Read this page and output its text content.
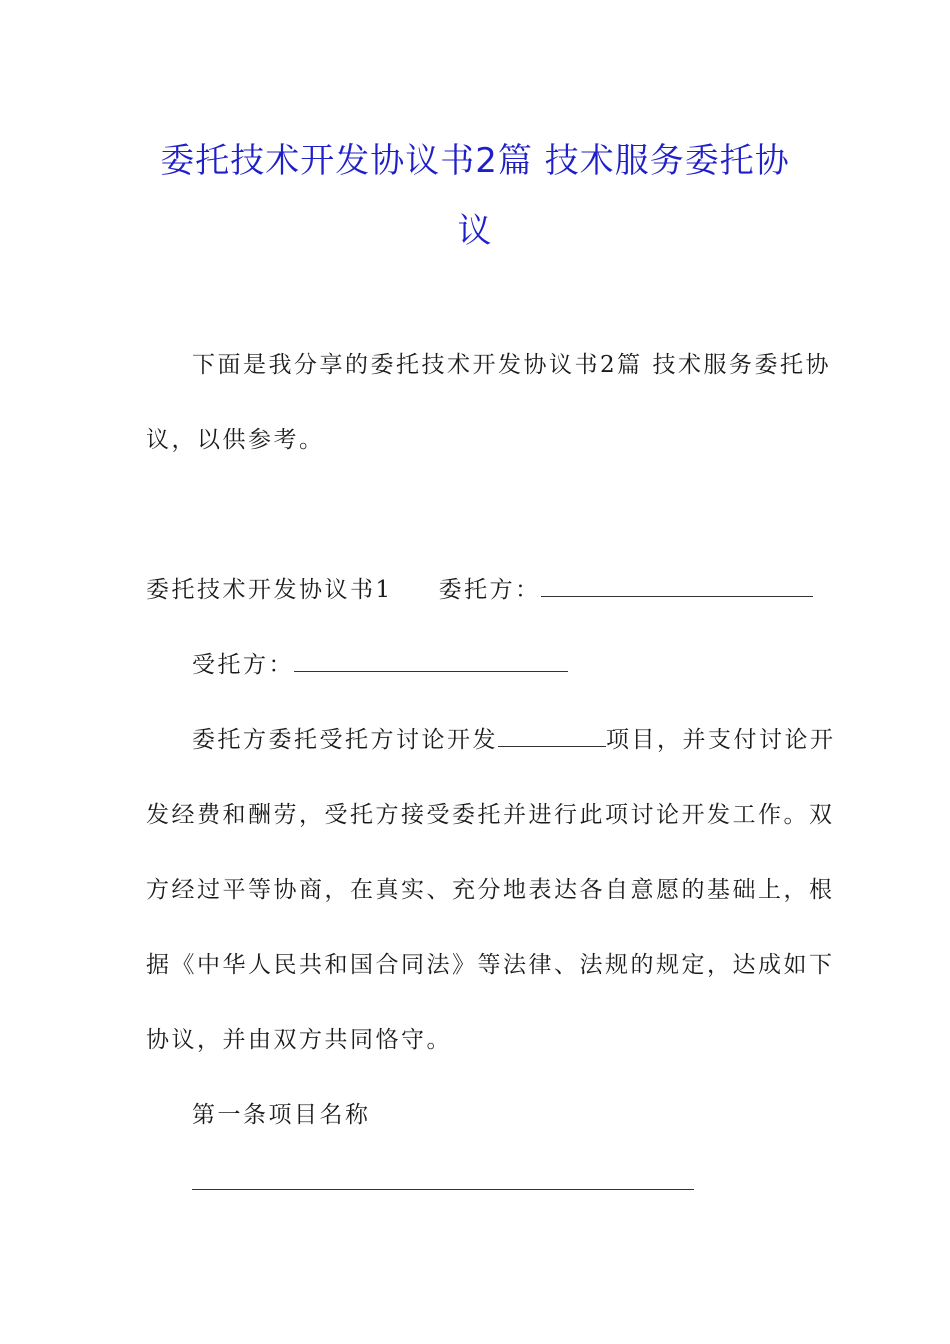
委托技术开发协议书2篇 技术服务委托协
议

下面是我分享的委托技术开发协议书2篇 技术服务委托协

议，以供参考。

委托技术开发协议书1 委托方：

受托方：

委托方委托受托方讨论开发	项目，并支付讨论开

发经费和酬劳，受托方接受委托并进行此项讨论开发工作。双

方经过平等协商，在真实、充分地表达各自意愿的基础上，根

据《中华人民共和国合同法》等法律、法规的规定，达成如下

协议，并由双方共同恪守。

第一条项目名称
